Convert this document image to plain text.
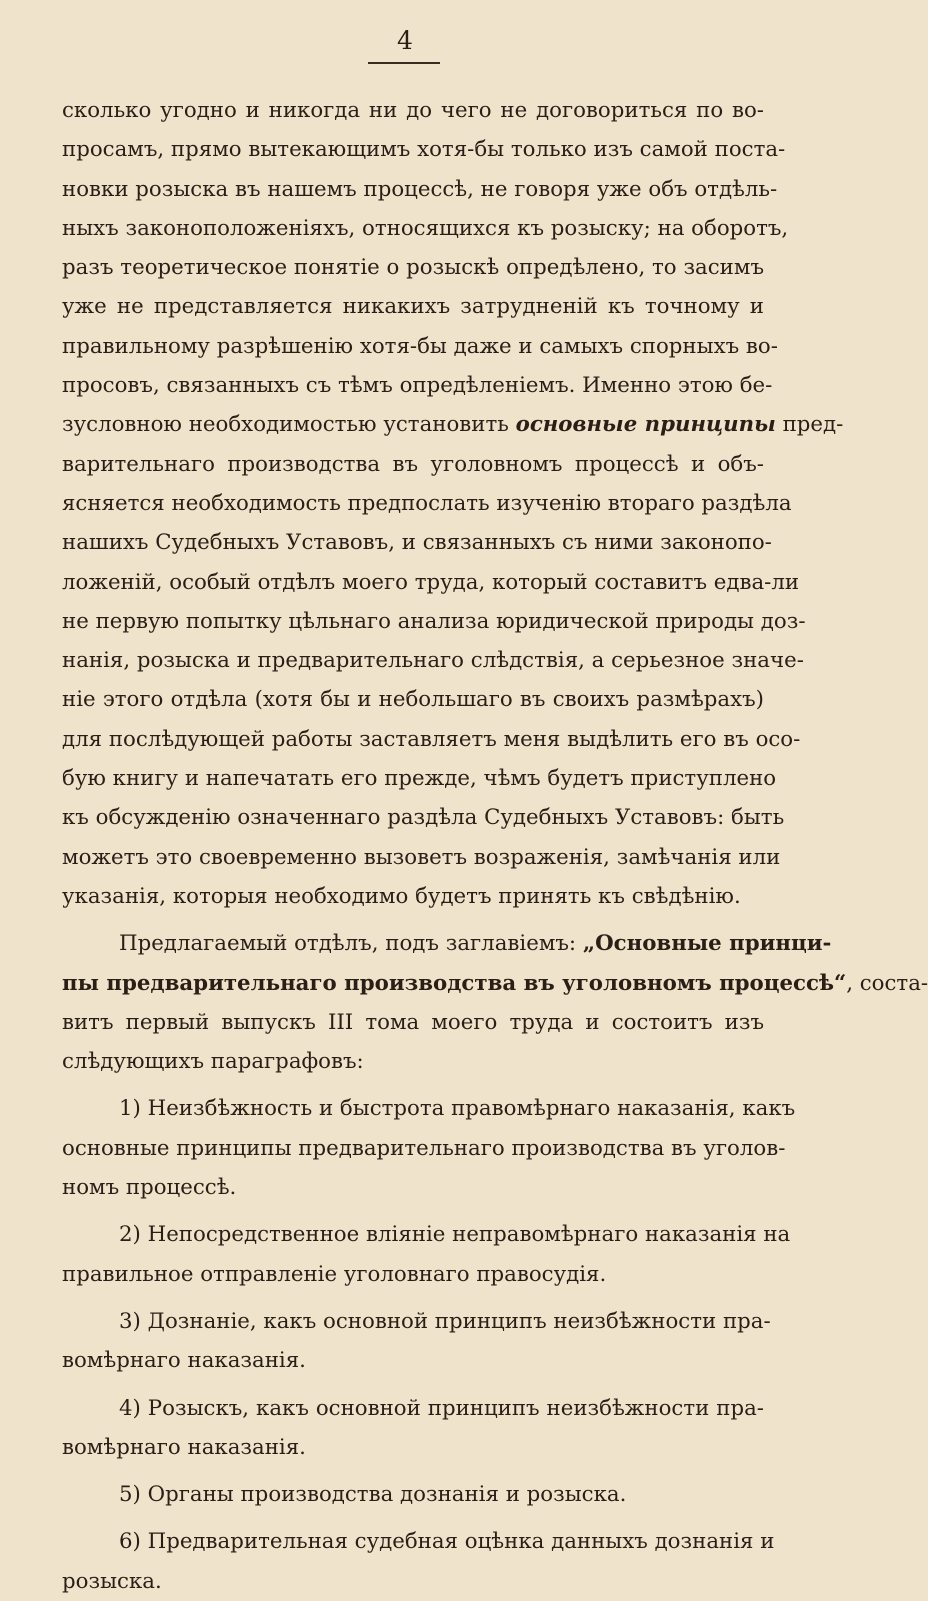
4
сколько угодно и никогда ни до чего не договориться по во-
просамъ, прямо вытекающимъ хотя-бы только изъ самой поста-
новки розыска въ нашемъ процессѣ, не говоря уже объ отдѣль-
ныхъ законоположеніяхъ, относящихся къ розыску; на оборотъ,
разъ теоретическое понятіе о розыскѣ опредѣлено, то засимъ
уже не представляется никакихъ затрудненій къ точному и
правильному разрѣшенію хотя-бы даже и самыхъ спорныхъ во-
просовъ, связанныхъ съ тѣмъ опредѣленіемъ. Именно этою бе-
зусловною необходимостью установить основные принципы пред-
варительнаго производства въ уголовномъ процессѣ и объ-
ясняется необходимость предпослать изученію втораго раздѣла
нашихъ Судебныхъ Уставовъ, и связанныхъ съ ними законопо-
ложеній, особый отдѣлъ моего труда, который составитъ едва-ли
не первую попытку цѣльнаго анализа юридической природы доз-
нанія, розыска и предварительнаго слѣдствія, а серьезное значе-
ніе этого отдѣла (хотя бы и небольшаго въ своихъ размѣрахъ)
для послѣдующей работы заставляетъ меня выдѣлить его въ осо-
бую книгу и напечатать его прежде, чѣмъ будетъ приступлено
къ обсужденію означеннаго раздѣла Судебныхъ Уставовъ: быть
можетъ это своевременно вызоветъ возраженія, замѣчанія или
указанія, которыя необходимо будетъ принять къ свѣдѣнію.
Предлагаемый отдѣлъ, подъ заглавіемъ: „Основные принци-
пы предварительнаго производства въ уголовномъ процессѣ“, соста-
витъ первый выпускъ III тома моего труда и состоитъ изъ
слѣдующихъ параграфовъ:
1) Неизбѣжность и быстрота правомѣрнаго наказанія, какъ
основные принципы предварительнаго производства въ уголов-
номъ процессѣ.
2) Непосредственное вліяніе неправомѣрнаго наказанія на
правильное отправленіе уголовнаго правосудія.
3) Дознаніе, какъ основной принципъ неизбѣжности пра-
вомѣрнаго наказанія.
4) Розыскъ, какъ основной принципъ неизбѣжности пра-
вомѣрнаго наказанія.
5) Органы производства дознанія и розыска.
6) Предварительная судебная оцѣнка данныхъ дознанія и
розыска.
